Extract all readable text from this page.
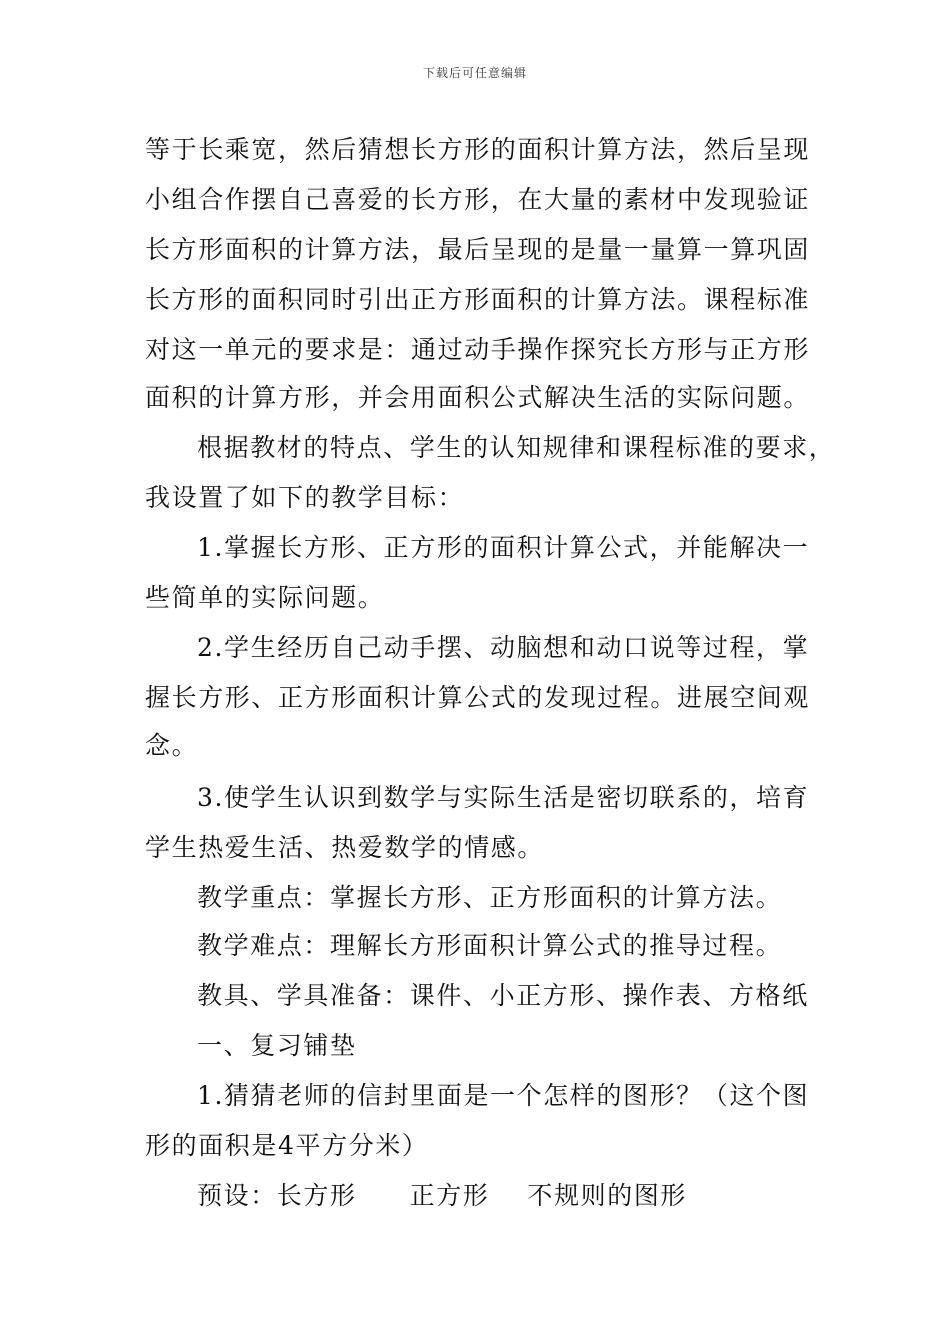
下载后可任意编辑
等于长乘宽，然后猜想长方形的面积计算方法，然后呈现
小组合作摆自己喜爱的长方形，在大量的素材中发现验证
长方形面积的计算方法，最后呈现的是量一量算一算巩固
长方形的面积同时引出正方形面积的计算方法。课程标准
对这一单元的要求是：通过动手操作探究长方形与正方形
面积的计算方形，并会用面积公式解决生活的实际问题。
根据教材的特点、学生的认知规律和课程标准的要求，
我设置了如下的教学目标：
1.掌握长方形、正方形的面积计算公式，并能解决一
些简单的实际问题。
2.学生经历自己动手摆、动脑想和动口说等过程，掌
握长方形、正方形面积计算公式的发现过程。进展空间观
念。
3.使学生认识到数学与实际生活是密切联系的，培育
学生热爱生活、热爱数学的情感。
教学重点：掌握长方形、正方形面积的计算方法。
教学难点：理解长方形面积计算公式的推导过程。
教具、学具准备：课件、小正方形、操作表、方格纸
一、复习铺垫
1.猜猜老师的信封里面是一个怎样的图形？（这个图
形的面积是4平方分米）
预设：长方形 正方形 不规则的图形
